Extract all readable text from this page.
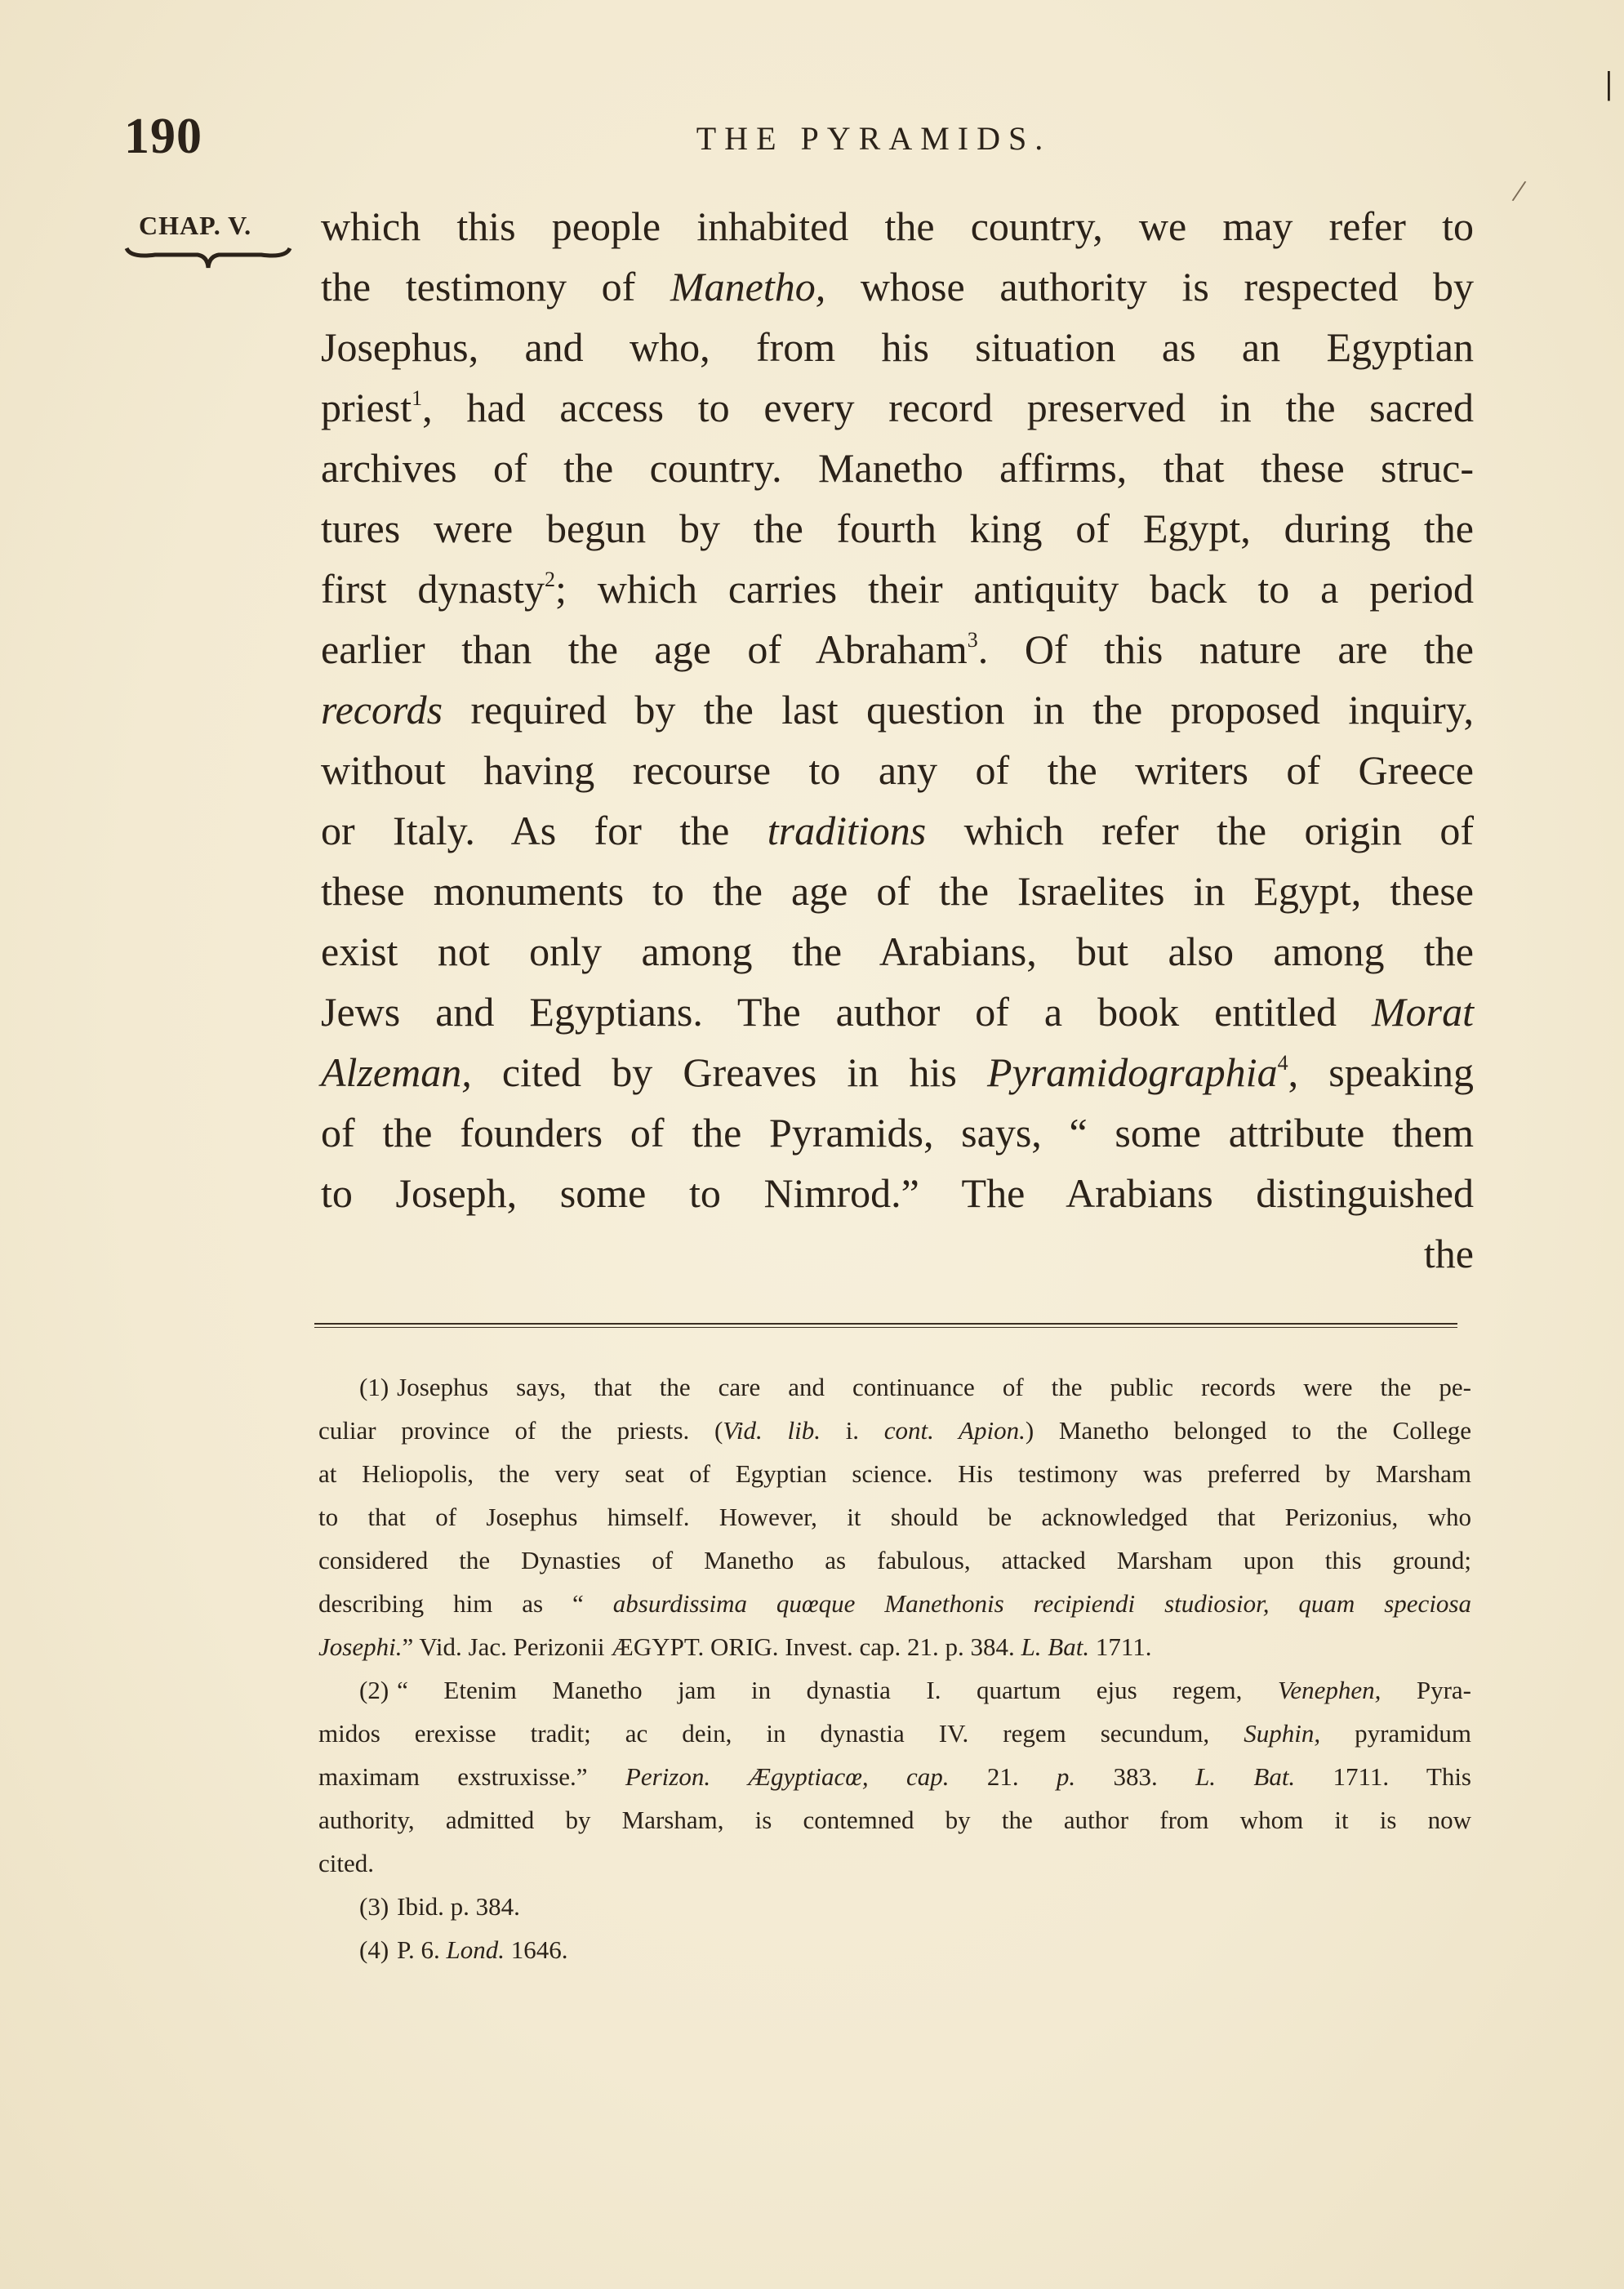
190	THE PYRAMIDS.
CHAP. V. which this people inhabited the country, we may refer to
the testimony of Manetho, whose authority is respected by
Josephus, and who, from his situation as an Egyptian
priest$^1$, had access to every record preserved in the sacred
archives of the country. Manetho affirms, that these struc-
tures were begun by the fourth king of Egypt, during the
first dynasty$^2$; which carries their antiquity back to a period
earlier than the age of Abraham$^3$. Of this nature are the
records required by the last question in the proposed inquiry,
without having recourse to any of the writers of Greece
or Italy. As for the traditions which refer the origin of
these monuments to the age of the Israelites in Egypt, these
exist not only among the Arabians, but also among the
Jews and Egyptians. The author of a book entitled Morat
Alzeman, cited by Greaves in his Pyramidographia$^4$, speaking
of the founders of the Pyramids, says, “ some attribute them
to Joseph, some to Nimrod.” The Arabians distinguished
the
(1) Josephus says, that the care and continuance of the public records were the pe-
culiar province of the priests. (Vid. lib. i. cont. Apion.) Manetho belonged to the College
at Heliopolis, the very seat of Egyptian science. His testimony was preferred by Marsham
to that of Josephus himself. However, it should be acknowledged that Perizonius, who
considered the Dynasties of Manetho as fabulous, attacked Marsham upon this ground;
describing him as “ absurdissima quœque Manethonis recipiendi studiosior, quam speciosa
Josephi.” Vid. Jac. Perizonii ÆGYPT. ORIG. Invest. cap. 21. p. 384. L. Bat. 1711.
(2) “ Etenim Manetho jam in dynastia I. quartum ejus regem, Venephen, Pyra-
midos erexisse tradit; ac dein, in dynastia IV. regem secundum, Suphin, pyramidum
maximam exstruxisse.” Perizon. Ægyptiacœ, cap. 21. p. 383. L. Bat. 1711. This
authority, admitted by Marsham, is contemned by the author from whom it is now
cited.
(3) Ibid. p. 384.
(4) P. 6. Lond. 1646.
/
|
